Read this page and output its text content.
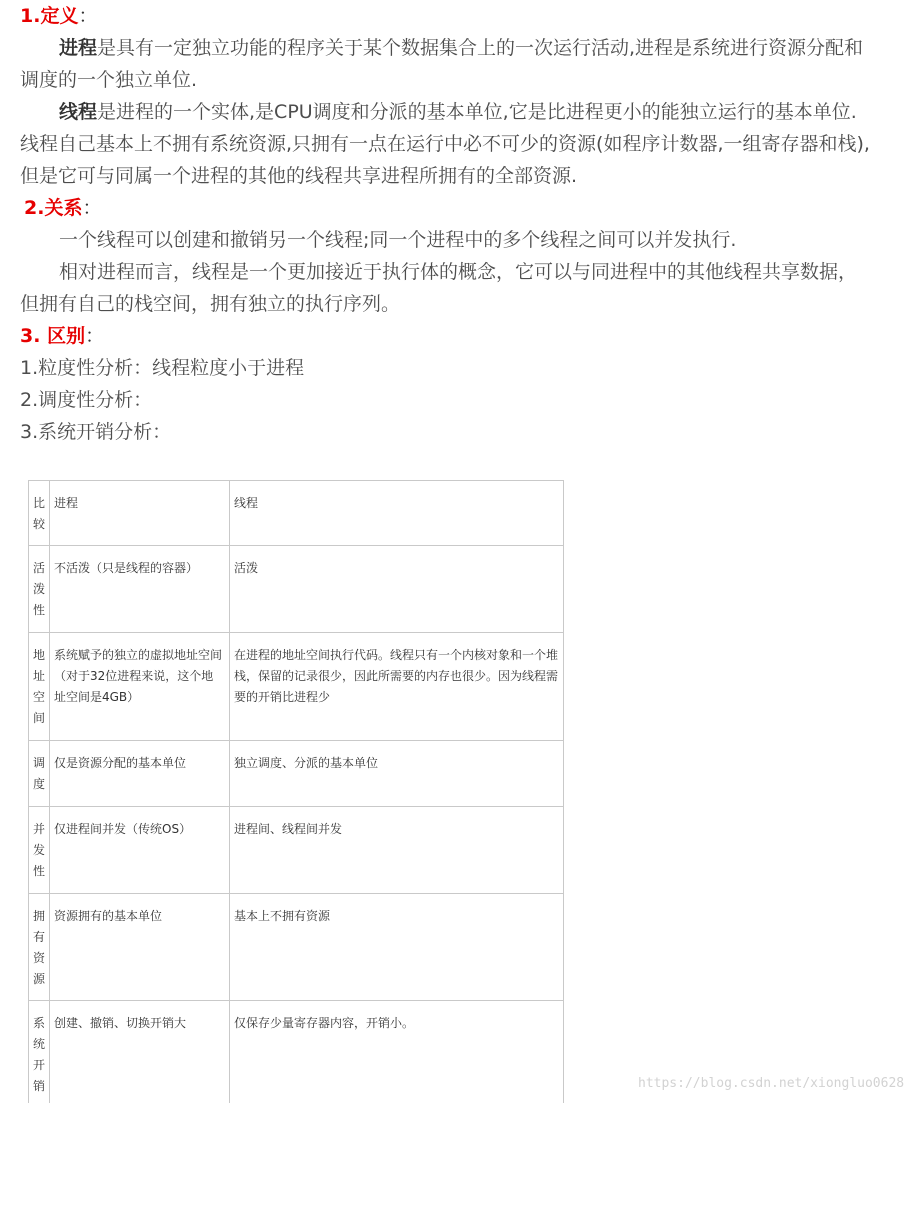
1.定义：

进程是具有一定独立功能的程序关于某个数据集合上的一次运行活动,进程是系统进行资源分配和

调度的一个独立单位.

线程是进程的一个实体,是CPU调度和分派的基本单位,它是比进程更小的能独立运行的基本单位.

线程自己基本上不拥有系统资源,只拥有一点在运行中必不可少的资源(如程序计数器,一组寄存器和栈),

但是它可与同属一个进程的其他的线程共享进程所拥有的全部资源.

2.关系：

一个线程可以创建和撤销另一个线程;同一个进程中的多个线程之间可以并发执行.

相对进程而言，线程是一个更加接近于执行体的概念，它可以与同进程中的其他线程共享数据，

但拥有自己的栈空间，拥有独立的执行序列。

3. 区别：

1.粒度性分析：线程粒度小于进程

2.调度性分析：

3.系统开销分析：

比较	进程	线程

活泼性	不活泼（只是线程的容器）	活泼

地址空间	系统赋予的独立的虚拟地址空间（对于32位进程来说，这个地址空间是4GB）	在进程的地址空间执行代码。线程只有一个内核对象和一个堆栈，保留的记录很少，因此所需要的内存也很少。因为线程需要的开销比进程少

调度	仅是资源分配的基本单位	独立调度、分派的基本单位

并发性	仅进程间并发（传统OS）	进程间、线程间并发

拥有资源	资源拥有的基本单位	基本上不拥有资源

系统开销	创建、撤销、切换开销大	仅保存少量寄存器内容，开销小。
https://blog.csdn.net/xiongluo0628
